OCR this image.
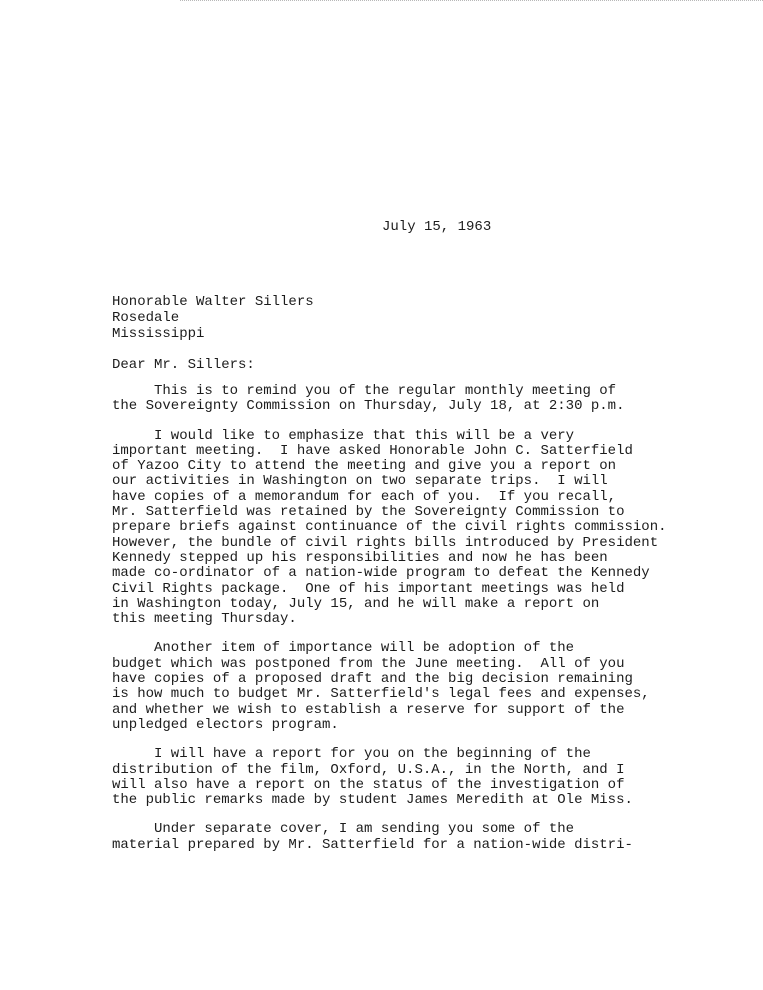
July 15, 1963
Honorable Walter Sillers
Rosedale
Mississippi
Dear Mr. Sillers:
This is to remind you of the regular monthly meeting of
the Sovereignty Commission on Thursday, July 18, at 2:30 p.m.
I would like to emphasize that this will be a very
important meeting.  I have asked Honorable John C. Satterfield
of Yazoo City to attend the meeting and give you a report on
our activities in Washington on two separate trips.  I will
have copies of a memorandum for each of you.  If you recall,
Mr. Satterfield was retained by the Sovereignty Commission to
prepare briefs against continuance of the civil rights commission.
However, the bundle of civil rights bills introduced by President
Kennedy stepped up his responsibilities and now he has been
made co-ordinator of a nation-wide program to defeat the Kennedy
Civil Rights package.  One of his important meetings was held
in Washington today, July 15, and he will make a report on
this meeting Thursday.
Another item of importance will be adoption of the
budget which was postponed from the June meeting.  All of you
have copies of a proposed draft and the big decision remaining
is how much to budget Mr. Satterfield's legal fees and expenses,
and whether we wish to establish a reserve for support of the
unpledged electors program.
I will have a report for you on the beginning of the
distribution of the film, Oxford, U.S.A., in the North, and I
will also have a report on the status of the investigation of
the public remarks made by student James Meredith at Ole Miss.
Under separate cover, I am sending you some of the
material prepared by Mr. Satterfield for a nation-wide distri-
